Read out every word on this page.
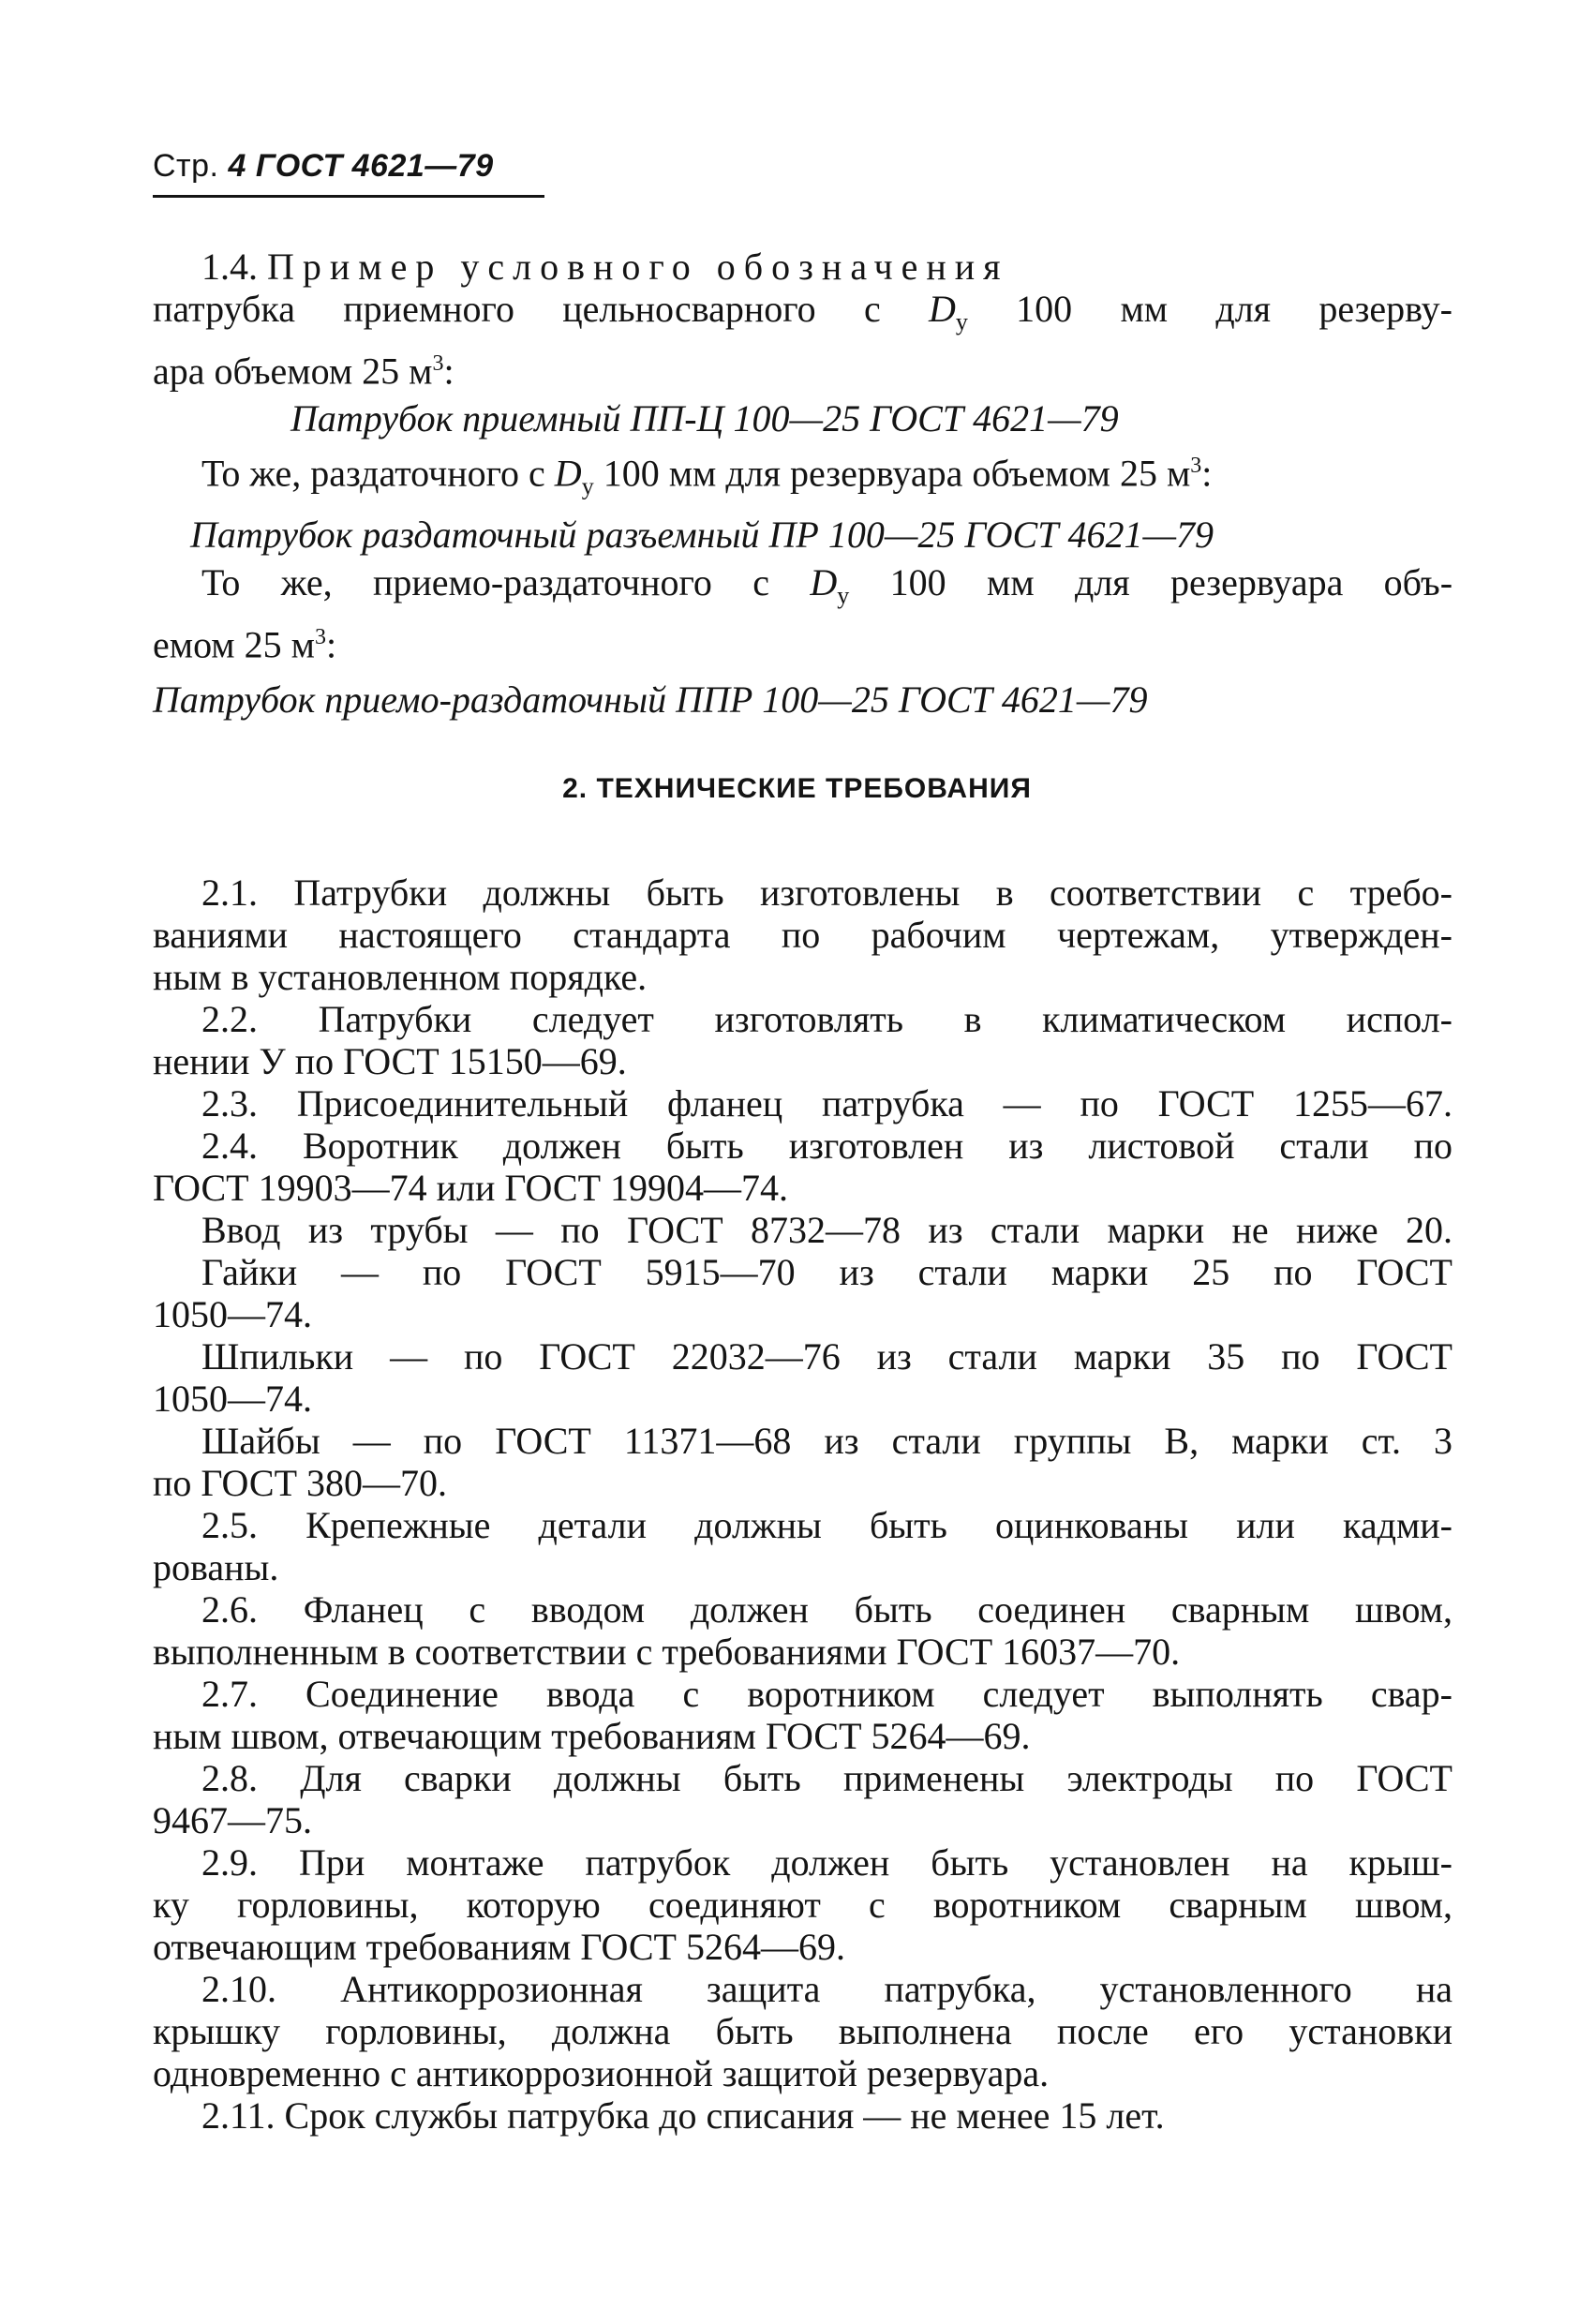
Стр. 4 ГОСТ 4621—79
1.4. Пример условного обозначения
патрубка приемного цельносварного с $D_у$ 100 мм для резерву-
ара объемом 25 $м^3$:
Патрубок приемный ПП-Ц 100—25 ГОСТ 4621—79
То же, раздаточного с $D_у$ 100 мм для резервуара объемом 25 $м^3$:
Патрубок раздаточный разъемный ПР 100—25 ГОСТ 4621—79
То же, приемо-раздаточного с $D_у$ 100 мм для резервуара объ-
емом 25 $м^3$:
Патрубок приемо-раздаточный ППР 100—25 ГОСТ 4621—79
2. ТЕХНИЧЕСКИЕ ТРЕБОВАНИЯ
2.1. Патрубки должны быть изготовлены в соответствии с требо-
ваниями настоящего стандарта по рабочим чертежам, утвержден-
ным в установленном порядке.
2.2. Патрубки следует изготовлять в климатическом испол-
нении У по ГОСТ 15150—69.
2.3. Присоединительный фланец патрубка — по ГОСТ 1255—67.
2.4. Воротник должен быть изготовлен из листовой стали по
ГОСТ 19903—74 или ГОСТ 19904—74.
Ввод из трубы — по ГОСТ 8732—78 из стали марки не ниже 20.
Гайки — по ГОСТ 5915—70 из стали марки 25 по ГОСТ
1050—74.
Шпильки — по ГОСТ 22032—76 из стали марки 35 по ГОСТ
1050—74.
Шайбы — по ГОСТ 11371—68 из стали группы В, марки ст. 3
по ГОСТ 380—70.
2.5. Крепежные детали должны быть оцинкованы или кадми-
рованы.
2.6. Фланец с вводом должен быть соединен сварным швом,
выполненным в соответствии с требованиями ГОСТ 16037—70.
2.7. Соединение ввода с воротником следует выполнять свар-
ным швом, отвечающим требованиям ГОСТ 5264—69.
2.8. Для сварки должны быть применены электроды по ГОСТ
9467—75.
2.9. При монтаже патрубок должен быть установлен на крыш-
ку горловины, которую соединяют с воротником сварным швом,
отвечающим требованиям ГОСТ 5264—69.
2.10. Антикоррозионная защита патрубка, установленного на
крышку горловины, должна быть выполнена после его установки
одновременно с антикоррозионной защитой резервуара.
2.11. Срок службы патрубка до списания — не менее 15 лет.
